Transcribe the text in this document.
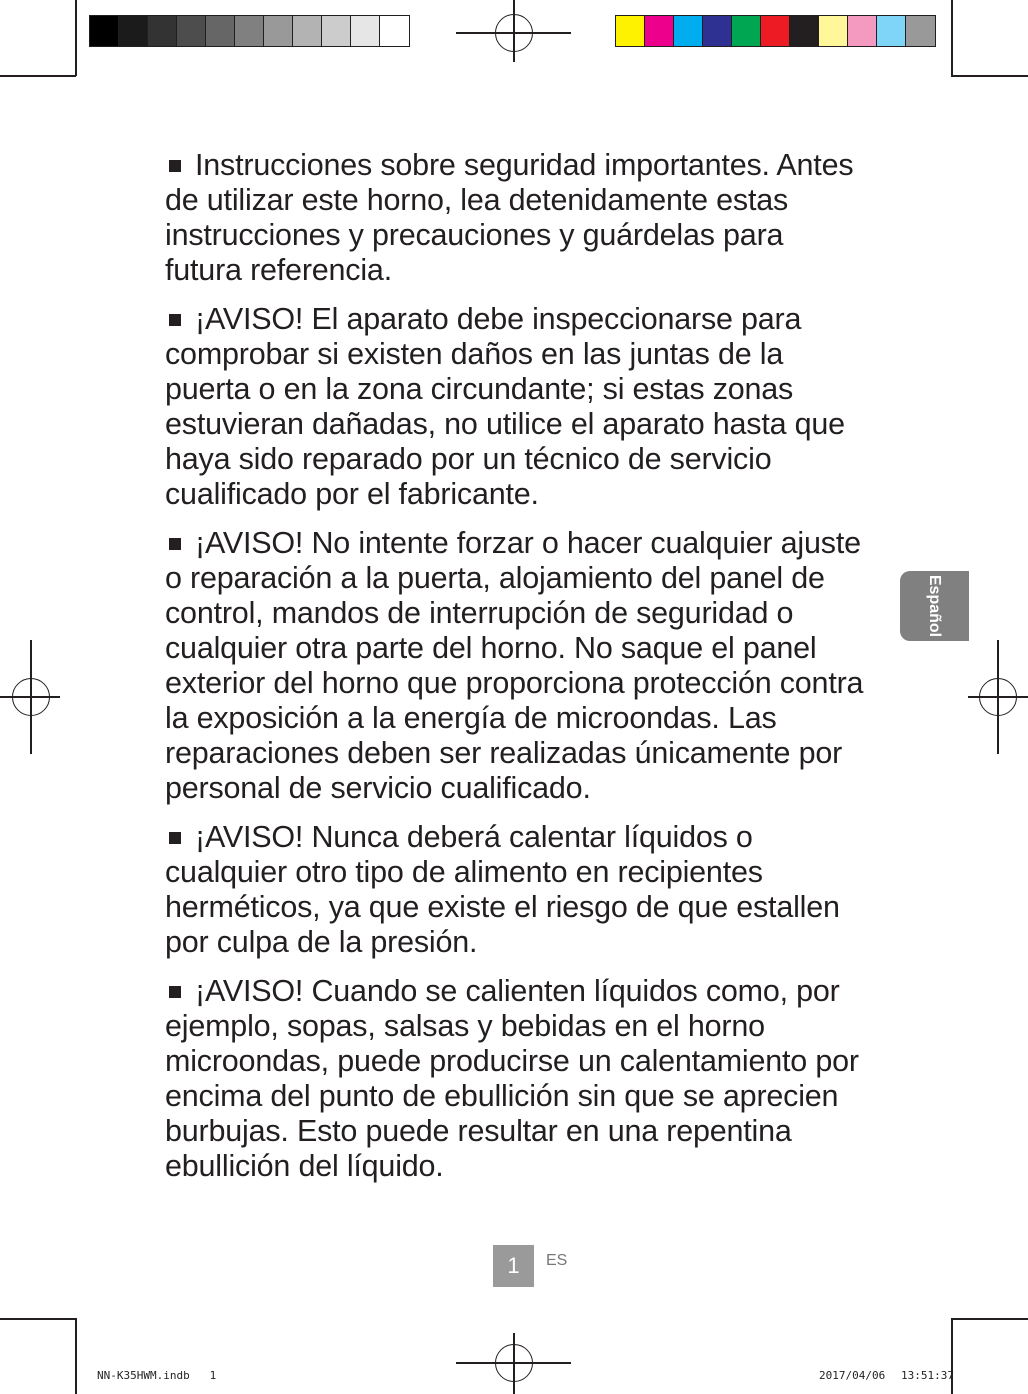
Instrucciones sobre seguridad importantes. Antes de utilizar este horno, lea detenidamente estas instrucciones y precauciones y guárdelas para futura referencia.

¡AVISO! El aparato debe inspeccionarse para comprobar si existen daños en las juntas de la puerta o en la zona circundante; si estas zonas estuvieran dañadas, no utilice el aparato hasta que haya sido reparado por un técnico de servicio cualificado por el fabricante.

¡AVISO! No intente forzar o hacer cualquier ajuste o reparación a la puerta, alojamiento del panel de control, mandos de interrupción de seguridad o cualquier otra parte del horno. No saque el panel exterior del horno que proporciona protección contra la exposición a la energía de microondas. Las reparaciones deben ser realizadas únicamente por personal de servicio cualificado.

¡AVISO! Nunca deberá calentar líquidos o cualquier otro tipo de alimento en recipientes herméticos, ya que existe el riesgo de que estallen por culpa de la presión.

¡AVISO! Cuando se calienten líquidos como, por ejemplo, sopas, salsas y bebidas en el horno microondas, puede producirse un calentamiento por encima del punto de ebullición sin que se aprecien burbujas. Esto puede resultar en una repentina ebullición del líquido.

Español
1	ES
NN-K35HWM.indb   1	2017/04/06 13:51:37
